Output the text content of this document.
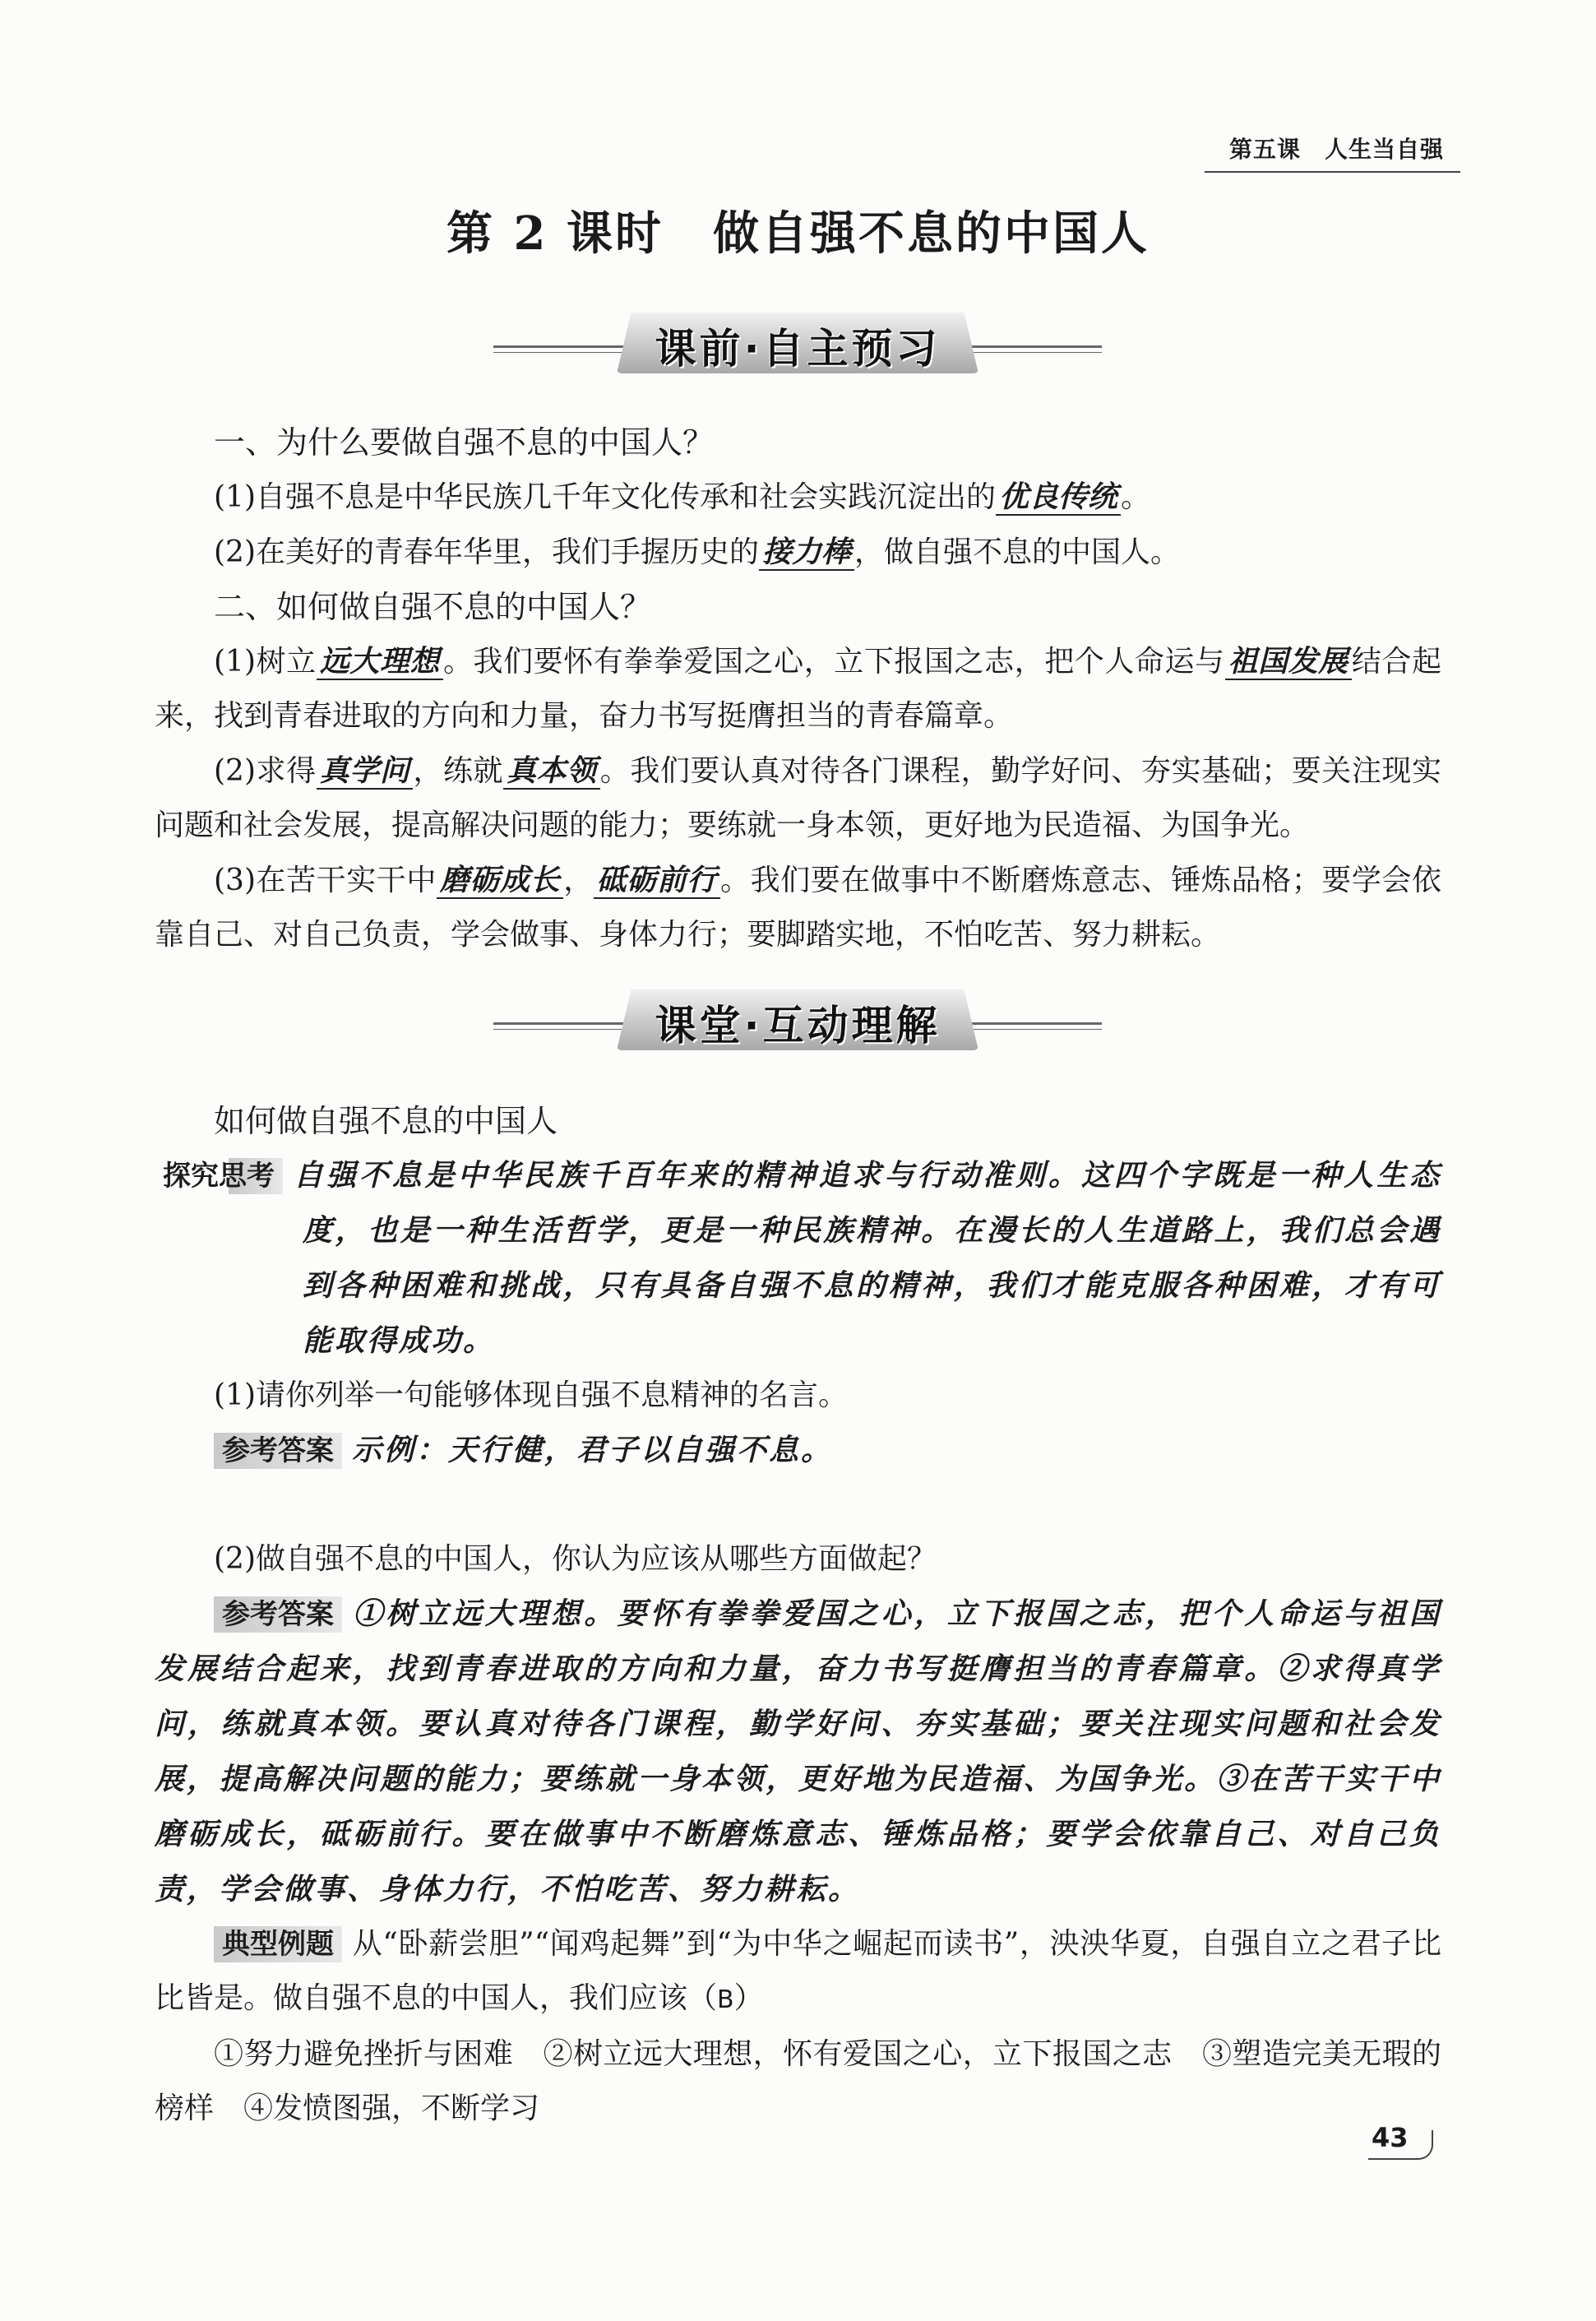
第五课　人生当自强
第 2 课时 做自强不息的中国人
课前·自主预习
一、为什么要做自强不息的中国人？
(1)自强不息是中华民族几千年文化传承和社会实践沉淀出的 优良传统 。
(2)在美好的青春年华里，我们手握历史的 接力棒 ，做自强不息的中国人。
二、如何做自强不息的中国人？
(1)树立 远大理想 。我们要怀有拳拳爱国之心，立下报国之志，把个人命运与 祖国发展 结合起来，找到青春进取的方向和力量，奋力书写挺膺担当的青春篇章。
(2)求得 真学问 ，练就 真本领 。我们要认真对待各门课程，勤学好问、夯实基础；要关注现实问题和社会发展，提高解决问题的能力；要练就一身本领，更好地为民造福、为国争光。
(3)在苦干实干中 磨砺成长 ， 砥砺前行 。我们要在做事中不断磨炼意志、锤炼品格；要学会依靠自己、对自己负责，学会做事、身体力行；要脚踏实地，不怕吃苦、努力耕耘。
课堂·互动理解
如何做自强不息的中国人
探究思考 自强不息是中华民族千百年来的精神追求与行动准则。这四个字既是一种人生态度，也是一种生活哲学，更是一种民族精神。在漫长的人生道路上，我们总会遇到各种困难和挑战，只有具备自强不息的精神，我们才能克服各种困难，才有可能取得成功。
(1)请你列举一句能够体现自强不息精神的名言。
参考答案 示例：天行健，君子以自强不息。
(2)做自强不息的中国人，你认为应该从哪些方面做起？
参考答案 ①树立远大理想。要怀有拳拳爱国之心，立下报国之志，把个人命运与祖国发展结合起来，找到青春进取的方向和力量，奋力书写挺膺担当的青春篇章。②求得真学问，练就真本领。要认真对待各门课程，勤学好问、夯实基础；要关注现实问题和社会发展，提高解决问题的能力；要练就一身本领，更好地为民造福、为国争光。③在苦干实干中磨砺成长，砥砺前行。要在做事中不断磨炼意志、锤炼品格；要学会依靠自己、对自己负责，学会做事、身体力行，不怕吃苦、努力耕耘。
典型例题 从“卧薪尝胆”“闻鸡起舞”到“为中华之崛起而读书”，泱泱华夏，自强自立之君子比比皆是。做自强不息的中国人，我们应该（B）
①努力避免挫折与困难　②树立远大理想，怀有爱国之心，立下报国之志　③塑造完美无瑕的榜样　④发愤图强，不断学习
43
